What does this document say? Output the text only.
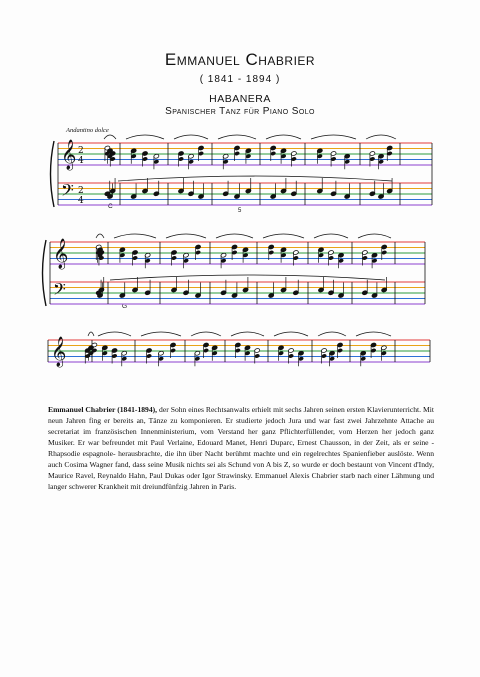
Emmanuel Chabrier
( 1841 - 1894 )
HABANERA
Spanischer Tanz für Piano Solo
Andantino dolce
C
G
5
𝄞
𝄢
2
4
2
4
𝄞
𝄢
𝄞
Emmanuel Chabrier (1841-1894), der Sohn eines Rechtsanwalts erhielt mit sechs Jahren seinen ersten Klavierunterricht. Mit neun Jahren fing er bereits an, Tänze zu komponieren. Er studierte jedoch Jura und war fast zwei Jahrzehnte Attache au secretariat im französischen Innenministerium, vom Verstand her ganz Pflichterfüllender, vom Herzen her jedoch ganz Musiker. Er war befreundet mit Paul Verlaine, Edouard Manet, Henri Duparc, Ernest Chausson, in der Zeit, als er seine -Rhapsodie espagnole- herausbrachte, die ihn über Nacht berühmt machte und ein regelrechtes Spanienfieber auslöste. Wenn auch Cosima Wagner fand, dass seine Musik nichts sei als Schund von A bis Z, so wurde er doch bestaunt von Vincent d'Indy, Maurice Ravel, Reynaldo Hahn, Paul Dukas oder Igor Strawinsky. Emmanuel Alexis Chabrier starb nach einer Lähmung und langer schwerer Krankheit mit dreiundfünfzig Jahren in Paris.
